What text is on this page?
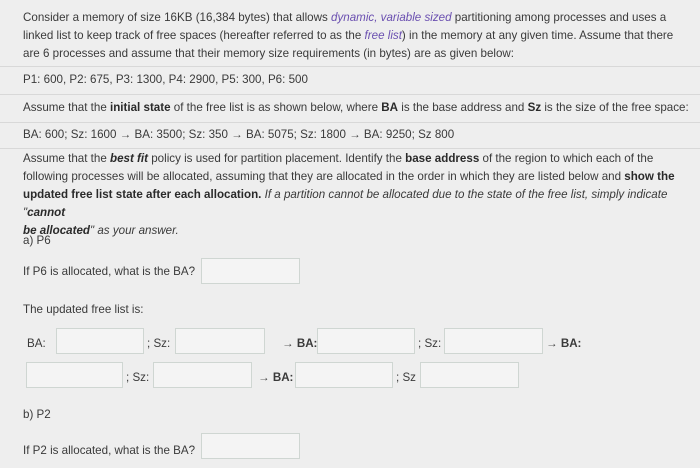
Consider a memory of size 16KB (16,384 bytes) that allows dynamic, variable sized partitioning among processes and uses a
linked list to keep track of free spaces (hereafter referred to as the free list) in the memory at any given time. Assume that there
are 6 processes and assume that their memory size requirements (in bytes) are as given below:
P1: 600, P2: 675, P3: 1300, P4: 2900, P5: 300, P6: 500
Assume that the initial state of the free list is as shown below, where BA is the base address and Sz is the size of the free space:
BA: 600; Sz: 1600 → BA: 3500; Sz: 350 → BA: 5075; Sz: 1800 → BA: 9250; Sz 800
Assume that the best fit policy is used for partition placement. Identify the base address of the region to which each of the
following processes will be allocated, assuming that they are allocated in the order in which they are listed below and show the
updated free list state after each allocation. If a partition cannot be allocated due to the state of the free list, simply indicate "cannot
be allocated" as your answer.
a) P6
If P6 is allocated, what is the BA?
The updated free list is:
BA:	; Sz:	→ BA:	; Sz:	→ BA:
; Sz:	→ BA:	; Sz
b) P2
If P2 is allocated, what is the BA?
